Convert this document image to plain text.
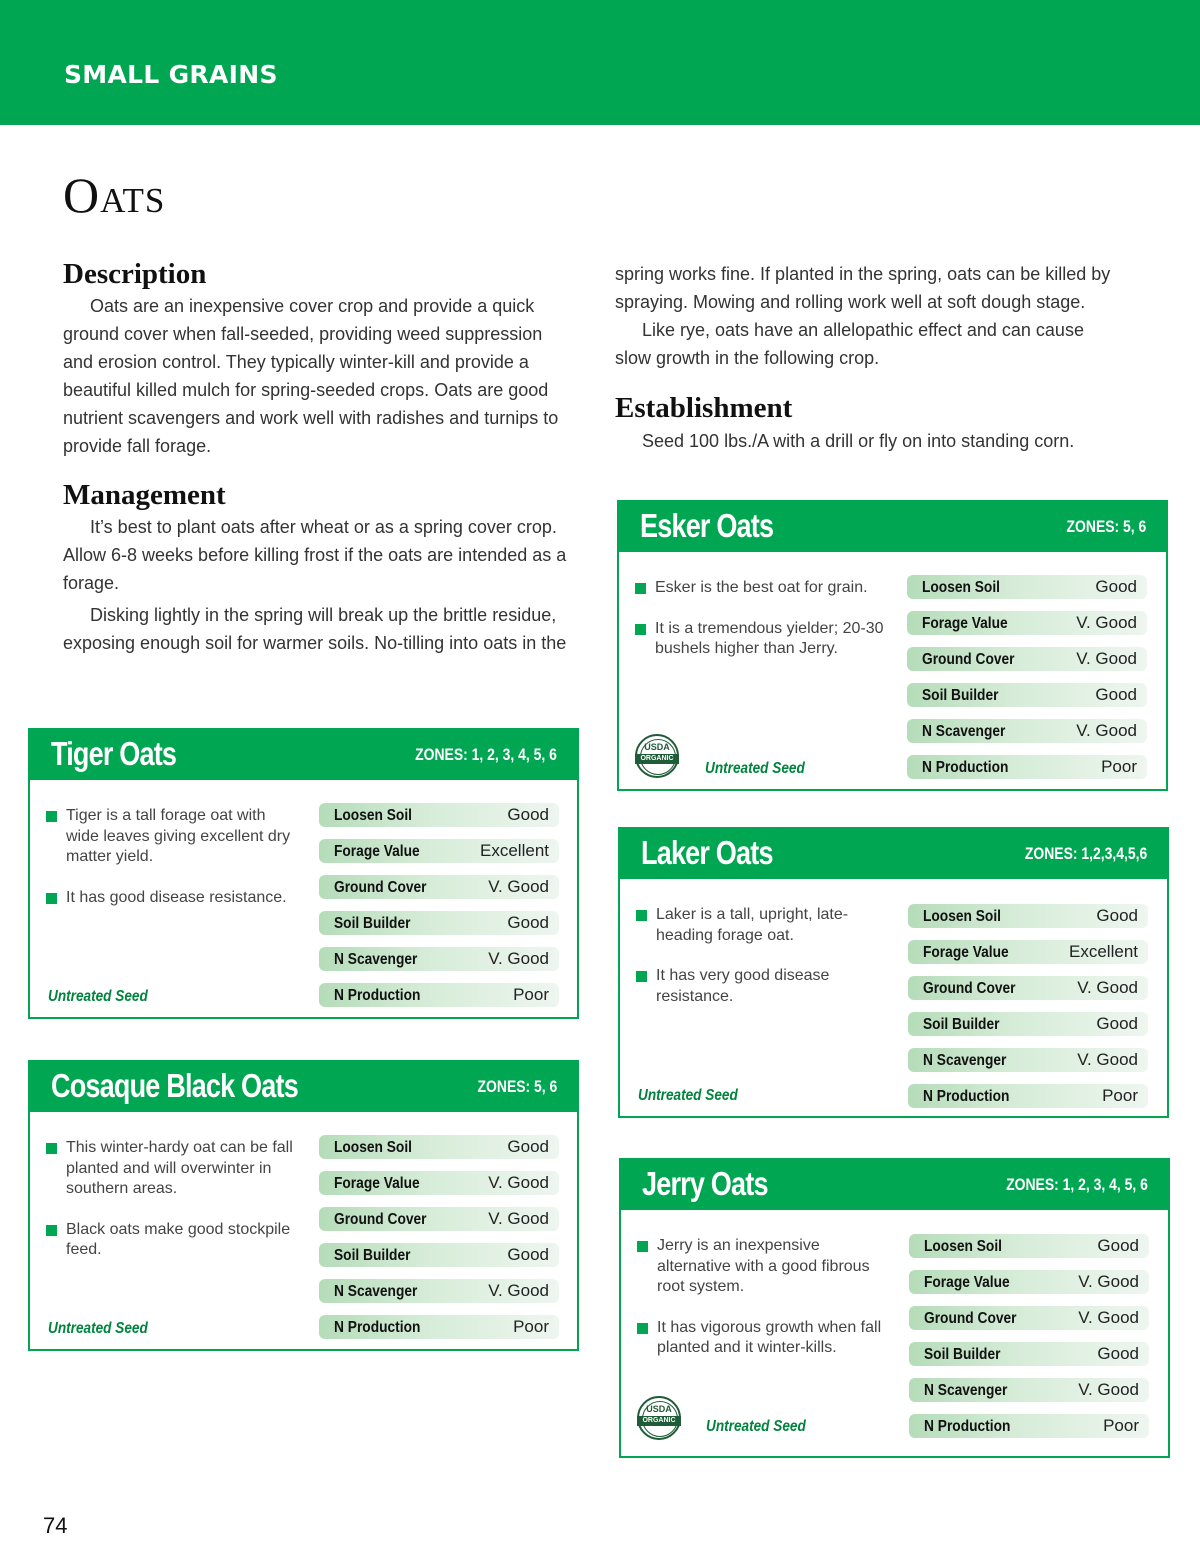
SMALL GRAINS
Oats
Description

Oats are an inexpensive cover crop and provide a quick ground cover when fall-seeded, providing weed suppression and erosion control. They typically winter-kill and provide a beautiful killed mulch for spring-seeded crops. Oats are good nutrient scavengers and work well with radishes and turnips to provide fall forage.

Management

It’s best to plant oats after wheat or as a spring cover crop. Allow 6-8 weeks before killing frost if the oats are intended as a forage.

Disking lightly in the spring will break up the brittle residue, exposing enough soil for warmer soils. No-tilling into oats in the

spring works fine. If planted in the spring, oats can be killed by spraying. Mowing and rolling work well at soft dough stage.

Like rye, oats have an allelopathic effect and can cause slow growth in the following crop.

Establishment

Seed 100 lbs./A with a drill or fly on into standing corn.

Tiger Oats	ZONES: 1, 2, 3, 4, 5, 6
Tiger is a tall forage oat with wide leaves giving excellent dry matter yield.
It has good disease resistance.
Untreated Seed
Loosen Soil	Good
Forage Value	Excellent
Ground Cover	V. Good
Soil Builder	Good
N Scavenger	V. Good
N Production	Poor
Cosaque Black Oats	ZONES: 5, 6
This winter-hardy oat can be fall planted and will overwinter in southern areas.
Black oats make good stockpile feed.
Untreated Seed
Loosen Soil	Good
Forage Value	V. Good
Ground Cover	V. Good
Soil Builder	Good
N Scavenger	V. Good
N Production	Poor
Esker Oats	ZONES: 5, 6
Esker is the best oat for grain.
It is a tremendous yielder; 20-30 bushels higher than Jerry.
USDA
ORGANIC
Untreated Seed
Loosen Soil	Good
Forage Value	V. Good
Ground Cover	V. Good
Soil Builder	Good
N Scavenger	V. Good
N Production	Poor
Laker Oats	ZONES: 1,2,3,4,5,6
Laker is a tall, upright, late-heading forage oat.
It has very good disease resistance.
Untreated Seed
Loosen Soil	Good
Forage Value	Excellent
Ground Cover	V. Good
Soil Builder	Good
N Scavenger	V. Good
N Production	Poor
Jerry Oats	ZONES: 1, 2, 3, 4, 5, 6
Jerry is an inexpensive alternative with a good fibrous root system.
It has vigorous growth when fall planted and it winter-kills.
USDA
ORGANIC	Untreated Seed
Loosen Soil	Good
Forage Value	V. Good
Ground Cover	V. Good
Soil Builder	Good
N Scavenger	V. Good
N Production	Poor
74
